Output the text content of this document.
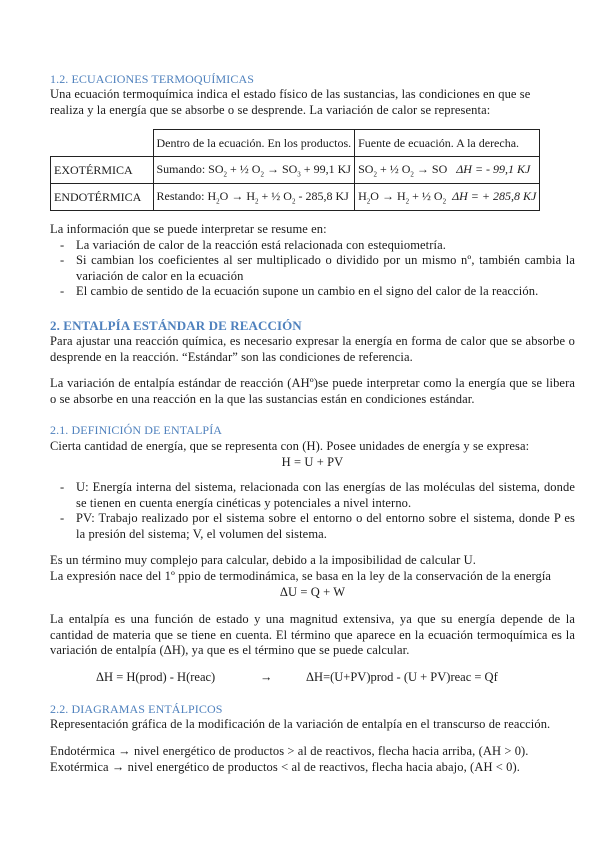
1.2. ECUACIONES TERMOQUÍMICAS
Una ecuación termoquímica indica el estado físico de las sustancias, las condiciones en que se
realiza y la energía que se absorbe o se desprende. La variación de calor se representa:
	Dentro de la ecuación. En los productos.	Fuente de ecuación. A la derecha.
EXOTÉRMICA	Sumando: $SO_2$ + ½ $O_2 \to SO_3 + 99,1$ KJ	$SO_2$ + ½ $O_2$ → SO ΔH = - 99,1 KJ
ENDOTÉRMICA	Restando: $H_2O \to H_2$ + ½ $O_2 - 285,8$ KJ	$H_2O \to H_2$ + ½ $O_2$ ΔH = + 285,8 KJ
La información que se puede interpretar se resume en:
- La variación de calor de la reacción está relacionada con estequiometría.
- Si cambian los coeficientes al ser multiplicado o dividido por un mismo nº, también cambia la variación de calor en la ecuación
- El cambio de sentido de la ecuación supone un cambio en el signo del calor de la reacción.
2. ENTALPÍA ESTÁNDAR DE REACCIÓN
Para ajustar una reacción química, es necesario expresar la energía en forma de calor que se absorbe o desprende en la reacción. “Estándar” son las condiciones de referencia.
La variación de entalpía estándar de reacción (AHº)se puede interpretar como la energía que se libera o se absorbe en una reacción en la que las sustancias están en condiciones estándar.
2.1. DEFINICIÓN DE ENTALPÍA
Cierta cantidad de energía, que se representa con (H). Posee unidades de energía y se expresa:
H = U + PV
- U: Energía interna del sistema, relacionada con las energías de las moléculas del sistema, donde se tienen en cuenta energía cinéticas y potenciales a nivel interno.
- PV: Trabajo realizado por el sistema sobre el entorno o del entorno sobre el sistema, donde P es la presión del sistema; V, el volumen del sistema.
Es un término muy complejo para calcular, debido a la imposibilidad de calcular U.
La expresión nace del 1º ppio de termodinámica, se basa en la ley de la conservación de la energía
ΔU = Q + W
La entalpía es una función de estado y una magnitud extensiva, ya que su energía depende de la cantidad de materia que se tiene en cuenta. El término que aparece en la ecuación termoquímica es la variación de entalpía (ΔH), ya que es el término que se puede calcular.
ΔH = H(prod) - H(reac)	→	ΔH=(U+PV)prod - (U + PV)reac = Qf
2.2. DIAGRAMAS ENTÁLPICOS
Representación gráfica de la modificación de la variación de entalpía en el transcurso de reacción.
Endotérmica → nivel energético de productos > al de reactivos, flecha hacia arriba, (AH > 0).
Exotérmica → nivel energético de productos < al de reactivos, flecha hacia abajo, (AH < 0).
